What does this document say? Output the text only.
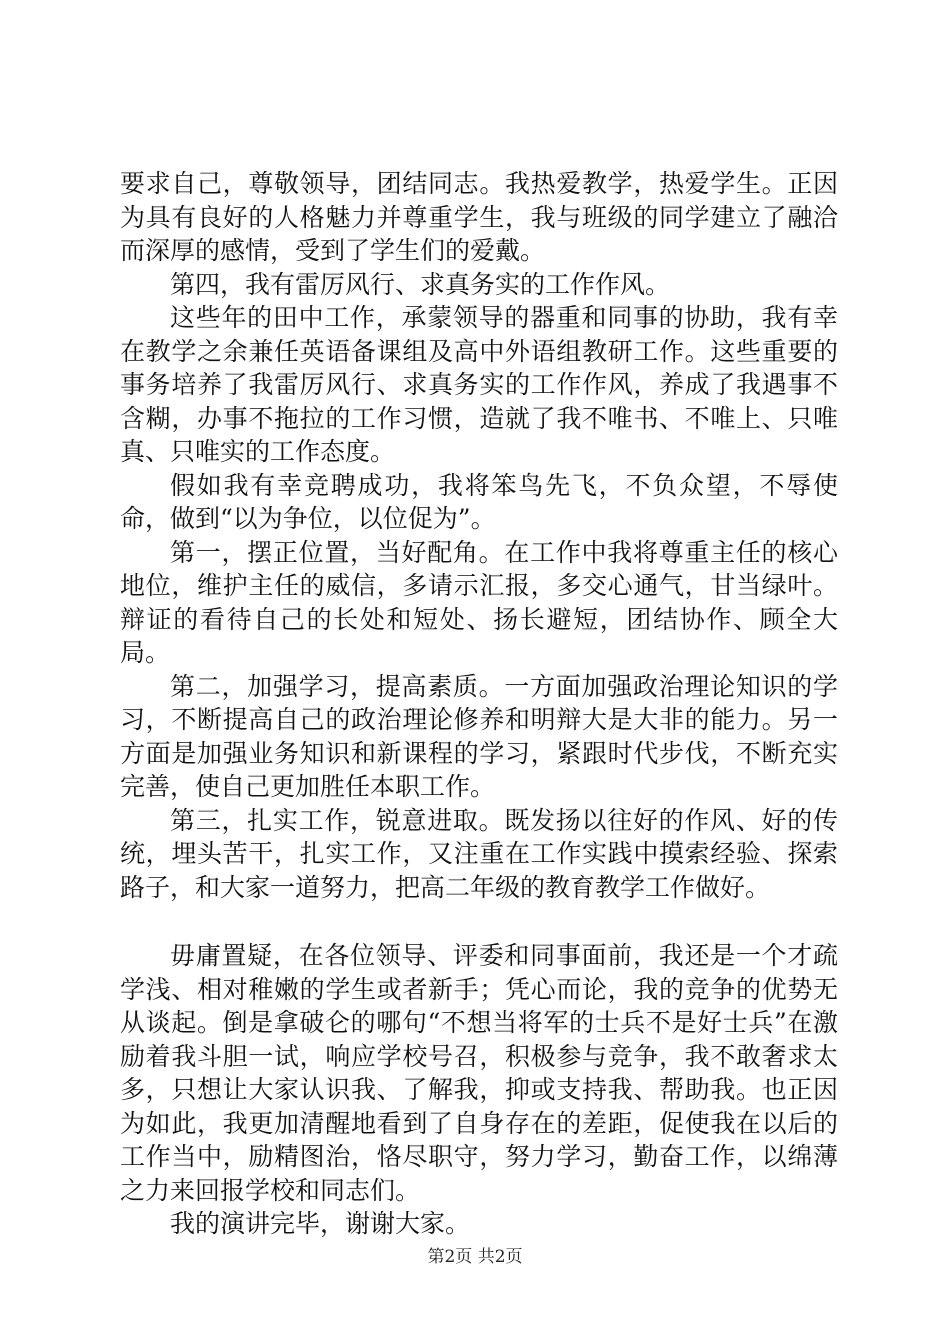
要求自己，尊敬领导，团结同志。我热爱教学，热爱学生。正因为具有良好的人格魅力并尊重学生，我与班级的同学建立了融洽而深厚的感情，受到了学生们的爱戴。

第四，我有雷厉风行、求真务实的工作作风。

这些年的田中工作，承蒙领导的器重和同事的协助，我有幸在教学之余兼任英语备课组及高中外语组教研工作。这些重要的事务培养了我雷厉风行、求真务实的工作作风，养成了我遇事不含糊，办事不拖拉的工作习惯，造就了我不唯书、不唯上、只唯真、只唯实的工作态度。

假如我有幸竞聘成功，我将笨鸟先飞，不负众望，不辱使命，做到“以为争位，以位促为”。

第一，摆正位置，当好配角。在工作中我将尊重主任的核心地位，维护主任的威信，多请示汇报，多交心通气，甘当绿叶。辩证的看待自己的长处和短处、扬长避短，团结协作、顾全大局。

第二，加强学习，提高素质。一方面加强政治理论知识的学习，不断提高自己的政治理论修养和明辩大是大非的能力。另一方面是加强业务知识和新课程的学习，紧跟时代步伐，不断充实完善，使自己更加胜任本职工作。

第三，扎实工作，锐意进取。既发扬以往好的作风、好的传统，埋头苦干，扎实工作，又注重在工作实践中摸索经验、探索路子，和大家一道努力，把高二年级的教育教学工作做好。

毋庸置疑，在各位领导、评委和同事面前，我还是一个才疏学浅、相对稚嫩的学生或者新手；凭心而论，我的竞争的优势无从谈起。倒是拿破仑的哪句“不想当将军的士兵不是好士兵”在激励着我斗胆一试，响应学校号召，积极参与竞争，我不敢奢求太多，只想让大家认识我、了解我，抑或支持我、帮助我。也正因为如此，我更加清醒地看到了自身存在的差距，促使我在以后的工作当中，励精图治，恪尽职守，努力学习，勤奋工作，以绵薄之力来回报学校和同志们。

我的演讲完毕，谢谢大家。

第2页 共2页
